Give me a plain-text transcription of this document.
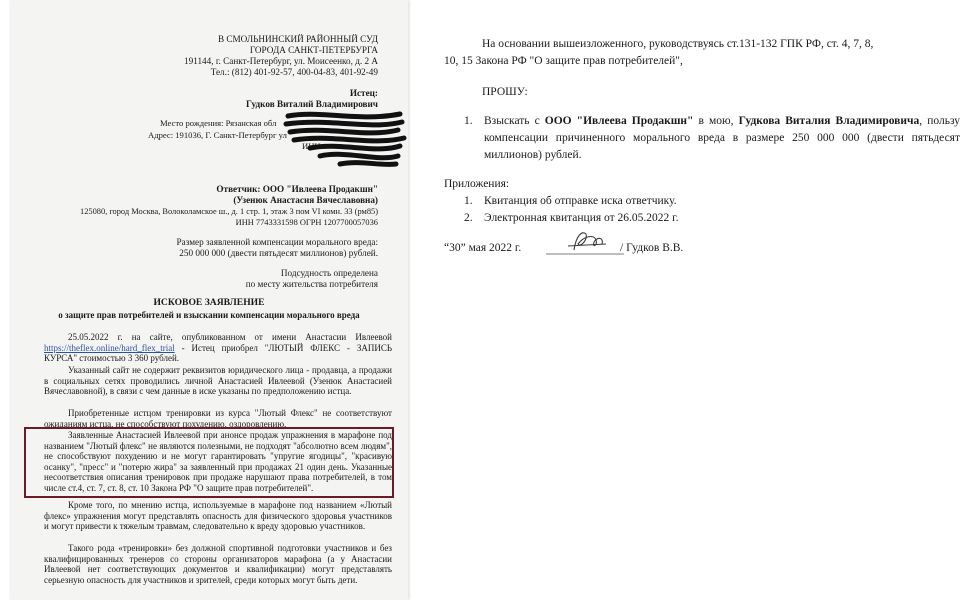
В СМОЛЬНИНСКИЙ РАЙОННЫЙ СУД
ГОРОДА САНКТ-ПЕТЕРБУРГА
191144, г. Санкт-Петербург, ул. Моисеенко, д. 2 А
Тел.: (812) 401-92-57, 400-04-83, 401-92-49
Истец:
Гудков Виталий Владимирович
Место рождения: Рязанская обл
Адрес: 191036, Г. Санкт-Петербург ул
ИНН
Ответчик: ООО "Ивлеева Продакшн"
(Узенюк Анастасия Вячеславовна)
125080, город Москва, Волоколамское ш., д. 1 стр. 1, этаж 3 пом VI комн. 33 (рм85)
ИНН 7743331598 ОГРН 1207700057036
Размер заявленной компенсации морального вреда:
250 000 000 (двести пятьдесят миллионов) рублей.
Подсудность определена
по месту жительства потребителя
ИСКОВОЕ ЗАЯВЛЕНИЕ
о защите прав потребителей и взыскании компенсации морального вреда
25.05.2022 г. на сайте, опубликованном от имени Анастасии Ивлеевой https://theflex.online/hard_flex_trial - Истец приобрел "ЛЮТЫЙ ФЛЕКС - ЗАПИСЬ КУРСА" стоимостью 3 360 рублей.
Указанный сайт не содержит реквизитов юридического лица - продавца, а продажи в социальных сетях проводились личной Анастасией Ивлеевой (Узенюк Анастасией Вячеславовной), в связи с чем данные в иске указаны по предположению истца.
Приобретенные истцом тренировки из курса "Лютый Флекс" не соответствуют ожиданиям истца, не способствуют похудению, оздоровлению.
Заявленные Анастасией Ивлеевой при анонсе продаж упражнения в марафоне под названием "Лютый флекс" не являются полезными, не подходят "абсолютно всем людям", не способствуют похудению и не могут гарантировать "упругие ягодицы", "красивую осанку", "пресс" и "потерю жира" за заявленный при продажах 21 один день. Указанные несоответствия описания тренировок при продаже нарушают права потребителей, в том числе ст.4, ст. 7, ст. 8, ст. 10 Закона РФ "О защите прав потребителей".
Кроме того, по мнению истца, используемые в марафоне под названием «Лютый флекс» упражнения могут представлять опасность для физического здоровья участников и могут привести к тяжелым травмам, следовательно к вреду здоровью участников.
Такого рода «тренировки» без должной спортивной подготовки участников и без квалифицированных тренеров со стороны организаторов марафона (а у Анастасии Ивлеевой нет соответствующих документов и квалификации) могут представлять серьезную опасность для участников и зрителей, среди которых могут быть дети.
На основании вышеизложенного, руководствуясь ст.131-132 ГПК РФ, ст. 4, 7, 8,
10, 15 Закона РФ "О защите прав потребителей",
ПРОШУ:
1. Взыскать с ООО "Ивлеева Продакшн" в мою, Гудкова Виталия Владимировича, пользу компенсации причиненного морального вреда в размере 250 000 000 (двести пятьдесят миллионов) рублей.
Приложения:
1. Квитанция об отправке иска ответчику.
2. Электронная квитанция от 26.05.2022 г.
“30” мая 2022 г.	/ Гудков В.В.
